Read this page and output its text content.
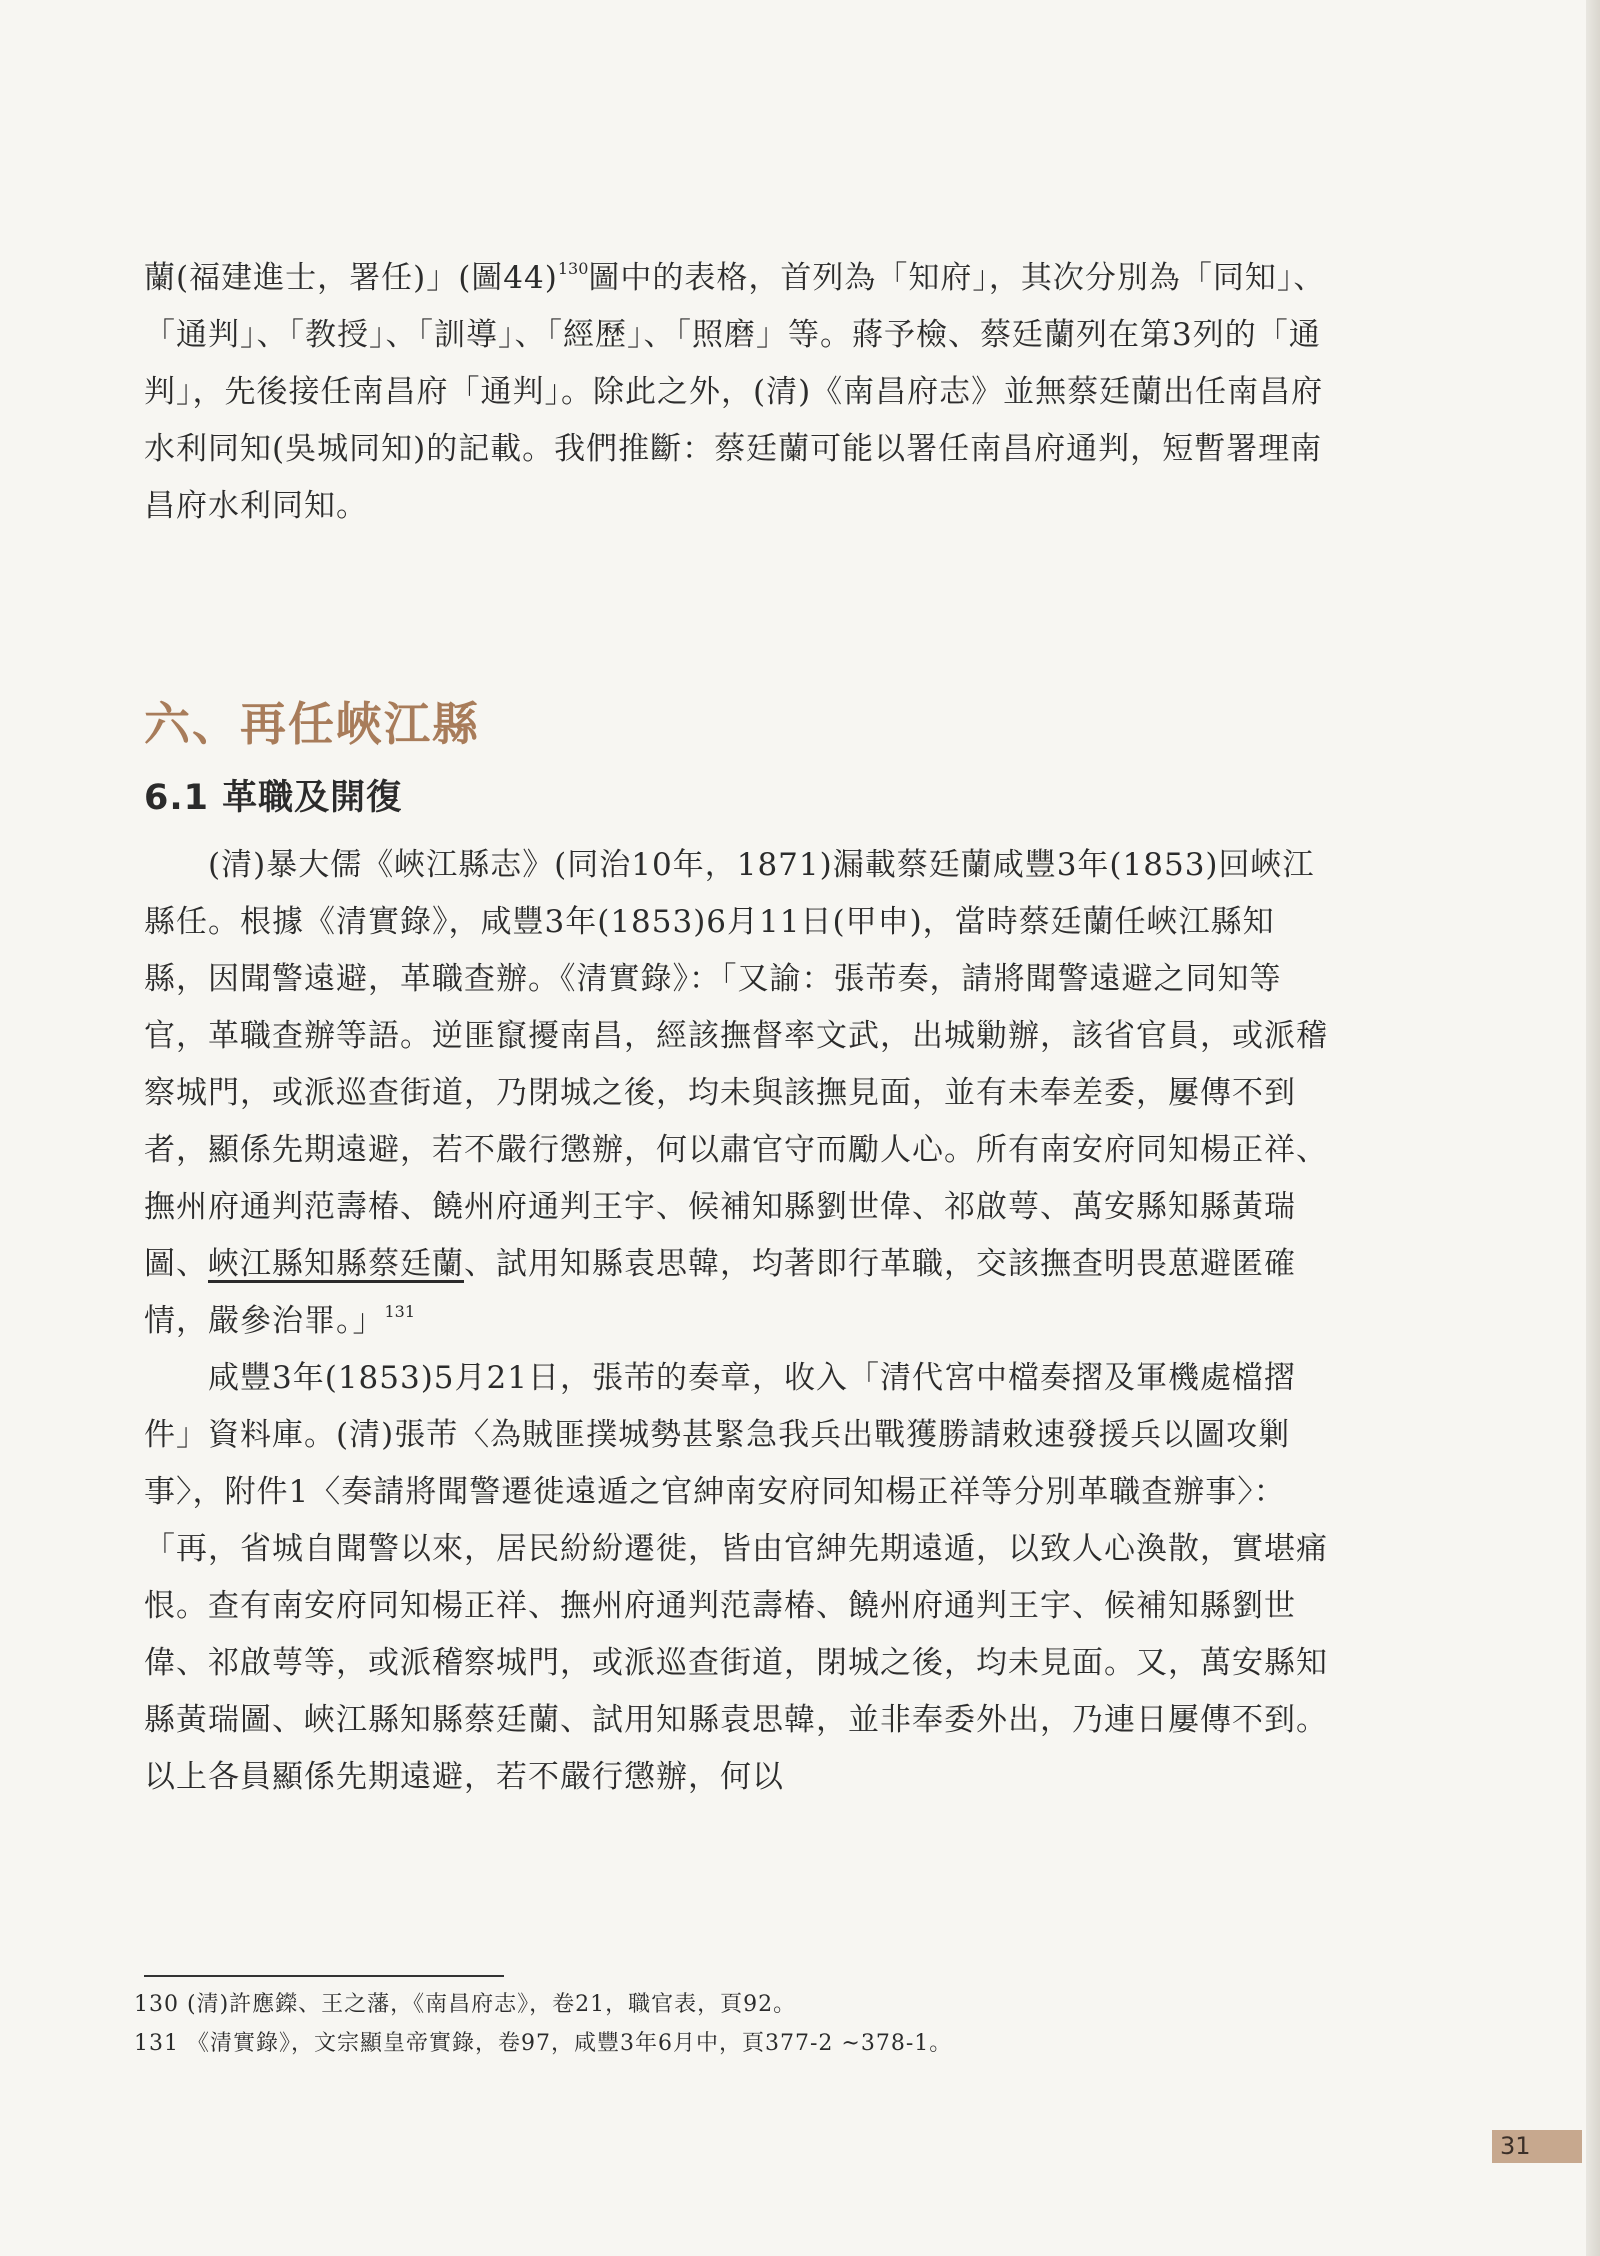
蘭(福建進士，署任)」(圖44)$^{130}$圖中的表格，首列為「知府」，其次分別為「同知」、「通判」、「教授」、「訓導」、「經歷」、「照磨」等。蔣予檢、蔡廷蘭列在第3列的「通判」，先後接任南昌府「通判」。除此之外，(清)《南昌府志》並無蔡廷蘭出任南昌府水利同知(吳城同知)的記載。我們推斷：蔡廷蘭可能以署任南昌府通判，短暫署理南昌府水利同知。

六、再任峽江縣
6.1 革職及開復

(清)暴大儒《峽江縣志》(同治10年，1871)漏載蔡廷蘭咸豐3年(1853)回峽江縣任。根據《清實錄》，咸豐3年(1853)6月11日(甲申)，當時蔡廷蘭任峽江縣知縣，因聞警遠避，革職查辦。《清實錄》：「又諭：張芾奏，請將聞警遠避之同知等官，革職查辦等語。逆匪竄擾南昌，經該撫督率文武，出城勦辦，該省官員，或派稽察城門，或派巡查街道，乃閉城之後，均未與該撫見面，並有未奉差委，屢傳不到者，顯係先期遠避，若不嚴行懲辦，何以肅官守而勵人心。所有南安府同知楊正祥、撫州府通判范壽椿、饒州府通判王宇、候補知縣劉世偉、祁啟萼、萬安縣知縣黃瑞圖、峽江縣知縣蔡廷蘭、試用知縣袁思韓，均著即行革職，交該撫查明畏葸避匿確情，嚴參治罪。」$^{131}$

咸豐3年(1853)5月21日，張芾的奏章，收入「清代宮中檔奏摺及軍機處檔摺件」資料庫。(清)張芾〈為賊匪撲城勢甚緊急我兵出戰獲勝請敕速發援兵以圖攻剿事〉，附件1〈奏請將聞警遷徙遠遁之官紳南安府同知楊正祥等分別革職查辦事〉：「再，省城自聞警以來，居民紛紛遷徙，皆由官紳先期遠遁，以致人心渙散，實堪痛恨。查有南安府同知楊正祥、撫州府通判范壽椿、饒州府通判王宇、候補知縣劉世偉、祁啟萼等，或派稽察城門，或派巡查街道，閉城之後，均未見面。又，萬安縣知縣黃瑞圖、峽江縣知縣蔡廷蘭、試用知縣袁思韓，並非奉委外出，乃連日屢傳不到。以上各員顯係先期遠避，若不嚴行懲辦，何以

130 (清)許應鑅、王之藩，《南昌府志》，卷21，職官表，頁92。
131 《清實錄》，文宗顯皇帝實錄，卷97，咸豐3年6月中，頁377-2 ~378-1。
31
